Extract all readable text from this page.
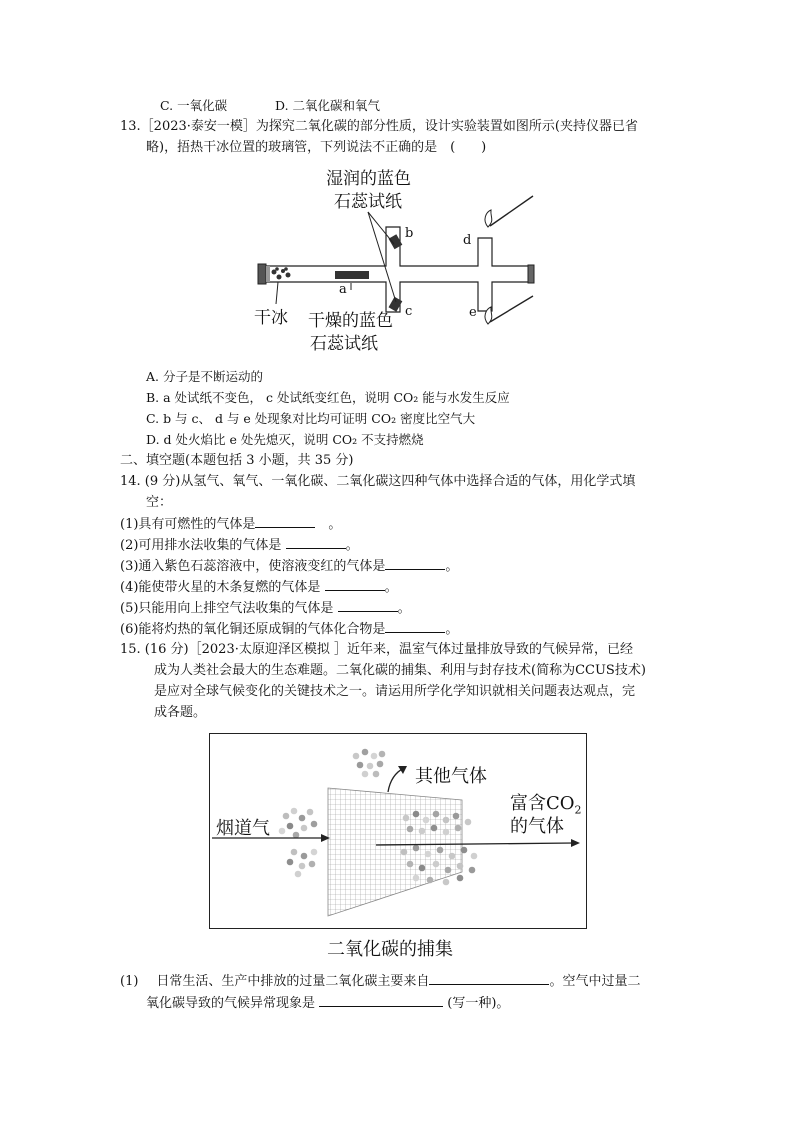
C. 一氧化碳	D. 二氧化碳和氧气
13.［2023·泰安一模］为探究二氧化碳的部分性质，设计实验装置如图所示(夹持仪器已省
略)，捂热干冰位置的玻璃管，下列说法不正确的是　(　　)
湿润的蓝色
石蕊试纸
干冰 干燥的蓝色
石蕊试纸
a
b
c
d
e
A. 分子是不断运动的
B. a 处试纸不变色， c 处试纸变红色，说明 CO₂ 能与水发生反应
C. b 与 c、 d 与 e 处现象对比均可证明 CO₂ 密度比空气大
D. d 处火焰比 e 处先熄灭，说明 CO₂ 不支持燃烧
二、填空题(本题包括 3 小题，共 35 分)
14. (9 分)从氢气、氧气、一氧化碳、二氧化碳这四种气体中选择合适的气体，用化学式填
空：
(1)具有可燃性的气体是	　。
(2)可用排水法收集的气体是	。
(3)通入紫色石蕊溶液中，使溶液变红的气体是	。
(4)能使带火星的木条复燃的气体是	。
(5)只能用向上排空气法收集的气体是	。
(6)能将灼热的氧化铜还原成铜的气体化合物是	。
15. (16 分)［2023·太原迎泽区模拟 ］近年来，温室气体过量排放导致的气候异常，已经
成为人类社会最大的生态难题。二氧化碳的捕集、利用与封存技术(简称为CCUS技术)
是应对全球气候变化的关键技术之一。请运用所学化学知识就相关问题表达观点，完
成各题。
其他气体
烟道气
富含$CO_2$
的气体
二氧化碳的捕集
(1) 日常生活、生产中排放的过量二氧化碳主要来自	。空气中过量二
氧化碳导致的气候异常现象是	(写一种)。
